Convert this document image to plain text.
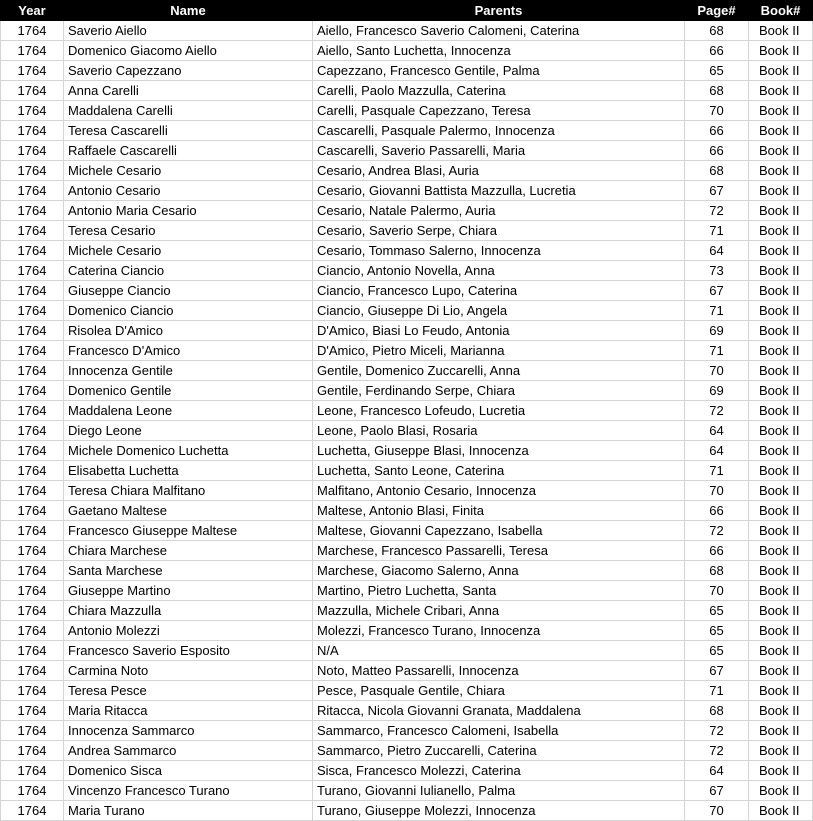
Year	Name	Parents	Page#	Book#
1764	Saverio Aiello	Aiello, Francesco Saverio Calomeni, Caterina	68	Book II
1764	Domenico Giacomo Aiello	Aiello, Santo Luchetta, Innocenza	66	Book II
1764	Saverio Capezzano	Capezzano, Francesco Gentile, Palma	65	Book II
1764	Anna Carelli	Carelli, Paolo Mazzulla, Caterina	68	Book II
1764	Maddalena Carelli	Carelli, Pasquale Capezzano, Teresa	70	Book II
1764	Teresa Cascarelli	Cascarelli, Pasquale Palermo, Innocenza	66	Book II
1764	Raffaele Cascarelli	Cascarelli, Saverio Passarelli, Maria	66	Book II
1764	Michele Cesario	Cesario, Andrea Blasi, Auria	68	Book II
1764	Antonio Cesario	Cesario, Giovanni Battista Mazzulla, Lucretia	67	Book II
1764	Antonio Maria Cesario	Cesario, Natale Palermo, Auria	72	Book II
1764	Teresa Cesario	Cesario, Saverio Serpe, Chiara	71	Book II
1764	Michele Cesario	Cesario, Tommaso Salerno, Innocenza	64	Book II
1764	Caterina Ciancio	Ciancio, Antonio Novella, Anna	73	Book II
1764	Giuseppe Ciancio	Ciancio, Francesco Lupo, Caterina	67	Book II
1764	Domenico Ciancio	Ciancio, Giuseppe Di Lio, Angela	71	Book II
1764	Risolea D'Amico	D'Amico, Biasi Lo Feudo, Antonia	69	Book II
1764	Francesco D'Amico	D'Amico, Pietro Miceli, Marianna	71	Book II
1764	Innocenza Gentile	Gentile, Domenico Zuccarelli, Anna	70	Book II
1764	Domenico Gentile	Gentile, Ferdinando Serpe, Chiara	69	Book II
1764	Maddalena Leone	Leone, Francesco Lofeudo, Lucretia	72	Book II
1764	Diego Leone	Leone, Paolo Blasi, Rosaria	64	Book II
1764	Michele Domenico Luchetta	Luchetta, Giuseppe Blasi, Innocenza	64	Book II
1764	Elisabetta Luchetta	Luchetta, Santo Leone, Caterina	71	Book II
1764	Teresa Chiara Malfitano	Malfitano, Antonio Cesario, Innocenza	70	Book II
1764	Gaetano Maltese	Maltese, Antonio Blasi, Finita	66	Book II
1764	Francesco Giuseppe Maltese	Maltese, Giovanni Capezzano, Isabella	72	Book II
1764	Chiara Marchese	Marchese, Francesco Passarelli, Teresa	66	Book II
1764	Santa Marchese	Marchese, Giacomo Salerno, Anna	68	Book II
1764	Giuseppe Martino	Martino, Pietro Luchetta, Santa	70	Book II
1764	Chiara Mazzulla	Mazzulla, Michele Cribari, Anna	65	Book II
1764	Antonio Molezzi	Molezzi, Francesco Turano, Innocenza	65	Book II
1764	Francesco Saverio Esposito	N/A	65	Book II
1764	Carmina Noto	Noto, Matteo Passarelli, Innocenza	67	Book II
1764	Teresa Pesce	Pesce, Pasquale Gentile, Chiara	71	Book II
1764	Maria Ritacca	Ritacca, Nicola Giovanni Granata, Maddalena	68	Book II
1764	Innocenza Sammarco	Sammarco, Francesco Calomeni, Isabella	72	Book II
1764	Andrea Sammarco	Sammarco, Pietro Zuccarelli, Caterina	72	Book II
1764	Domenico Sisca	Sisca, Francesco Molezzi, Caterina	64	Book II
1764	Vincenzo Francesco Turano	Turano, Giovanni Iulianello, Palma	67	Book II
1764	Maria Turano	Turano, Giuseppe Molezzi, Innocenza	70	Book II
